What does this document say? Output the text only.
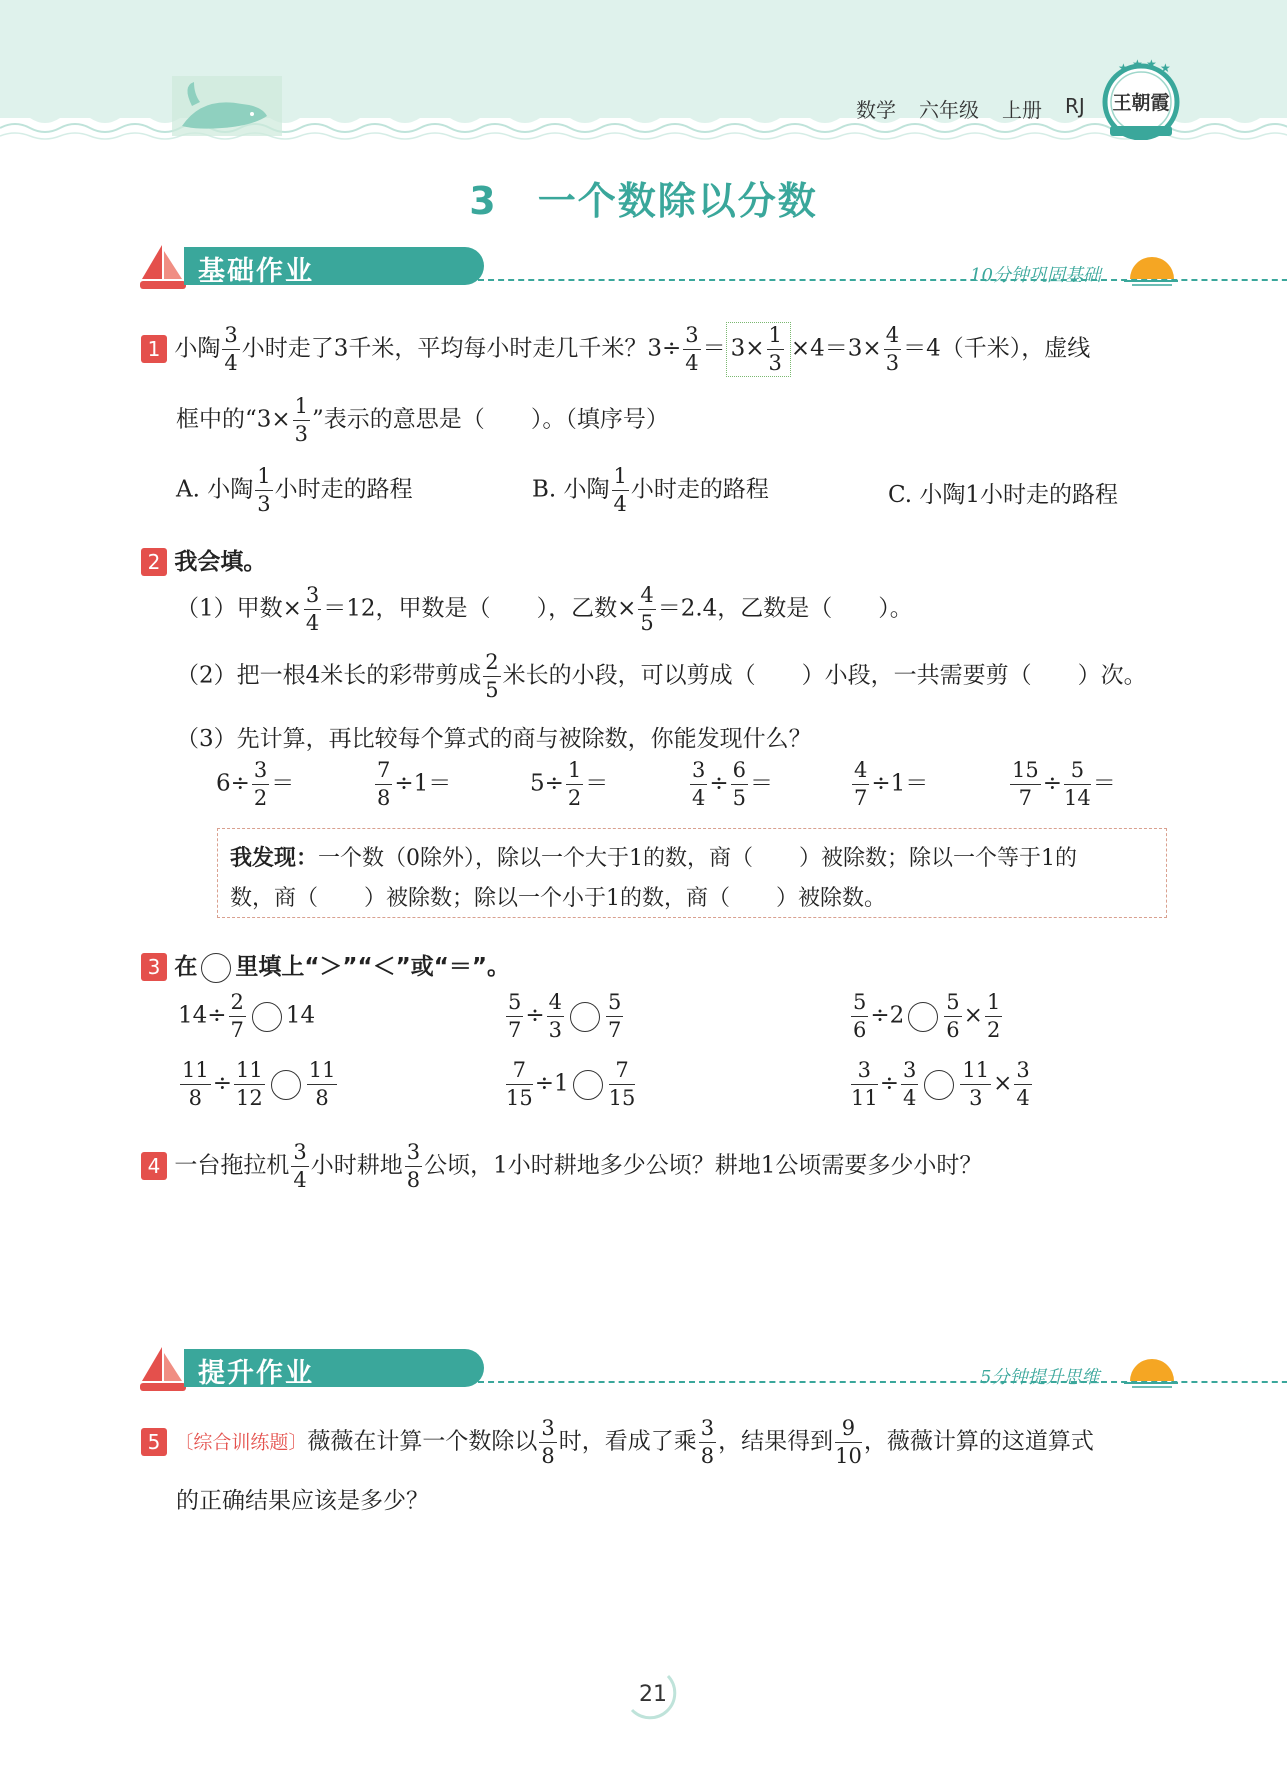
数学 六年级 上册 RJ
★ ★ ★ ★
王朝霞
3　一个数除以分数
基础作业	10分钟巩固基础
1 小陶 $\frac{3}{4}$ 小时走了3千米，平均每小时走几千米？$3\div \frac{3}{4} = 3\times \frac{1}{3} \times 4=3\times \frac{4}{3} =4$（千米），虚线
框中的“$3\times \frac{1}{3}$ ”表示的意思是（ ）。（填序号）
A. 小陶 $\frac{1}{3}$ 小时走的路程	B. 小陶 $\frac{1}{4}$ 小时走的路程	C. 小陶1小时走的路程
2 我会填。
（1）甲数× $\frac{3}{4} =12$，甲数是（ ），乙数× $\frac{4}{5} =2.4$，乙数是（ ）。
（2）把一根4米长的彩带剪成 $\frac{2}{5}$ 米长的小段，可以剪成（ ）小段，一共需要剪（ ）次。
（3）先计算，再比较每个算式的商与被除数，你能发现什么？
$6\div \frac{3}{2}$ ＝	$\frac{7}{8} \div 1=$	$5\div \frac{1}{2}$ ＝	$\frac{3}{4} \div \frac{6}{5}$ ＝	$\frac{4}{7} \div 1=$	$\frac{15}{7} \div \frac{5}{14}$ ＝
我发现：一个数（0除外），除以一个大于1的数，商（ ）被除数；除以一个等于1的
数，商（ ）被除数；除以一个小于1的数，商（ ）被除数。
3 在 里填上“＞”“＜”或“＝”。
$14\div \frac{2}{7} 14$	$\frac{5}{7} \div \frac{4}{3} \frac{5}{7}$	$\frac{5}{6} \div 2 \frac{5}{6} \times \frac{1}{2}$
$\frac{11}{8} \div \frac{11}{12} \frac{11}{8}$	$\frac{7}{15} \div 1 \frac{7}{15}$	$\frac{3}{11} \div \frac{3}{4} \frac{11}{3} \times \frac{3}{4}$
4 一台拖拉机 $\frac{3}{4}$ 小时耕地 $\frac{3}{8}$ 公顷，1小时耕地多少公顷？耕地1公顷需要多少小时？
提升作业	5分钟提升思维
5 〔综合训练题〕薇薇在计算一个数除以 $\frac{3}{8}$ 时，看成了乘 $\frac{3}{8}$ ，结果得到 $\frac{9}{10}$ ，薇薇计算的这道算式
的正确结果应该是多少？
21
